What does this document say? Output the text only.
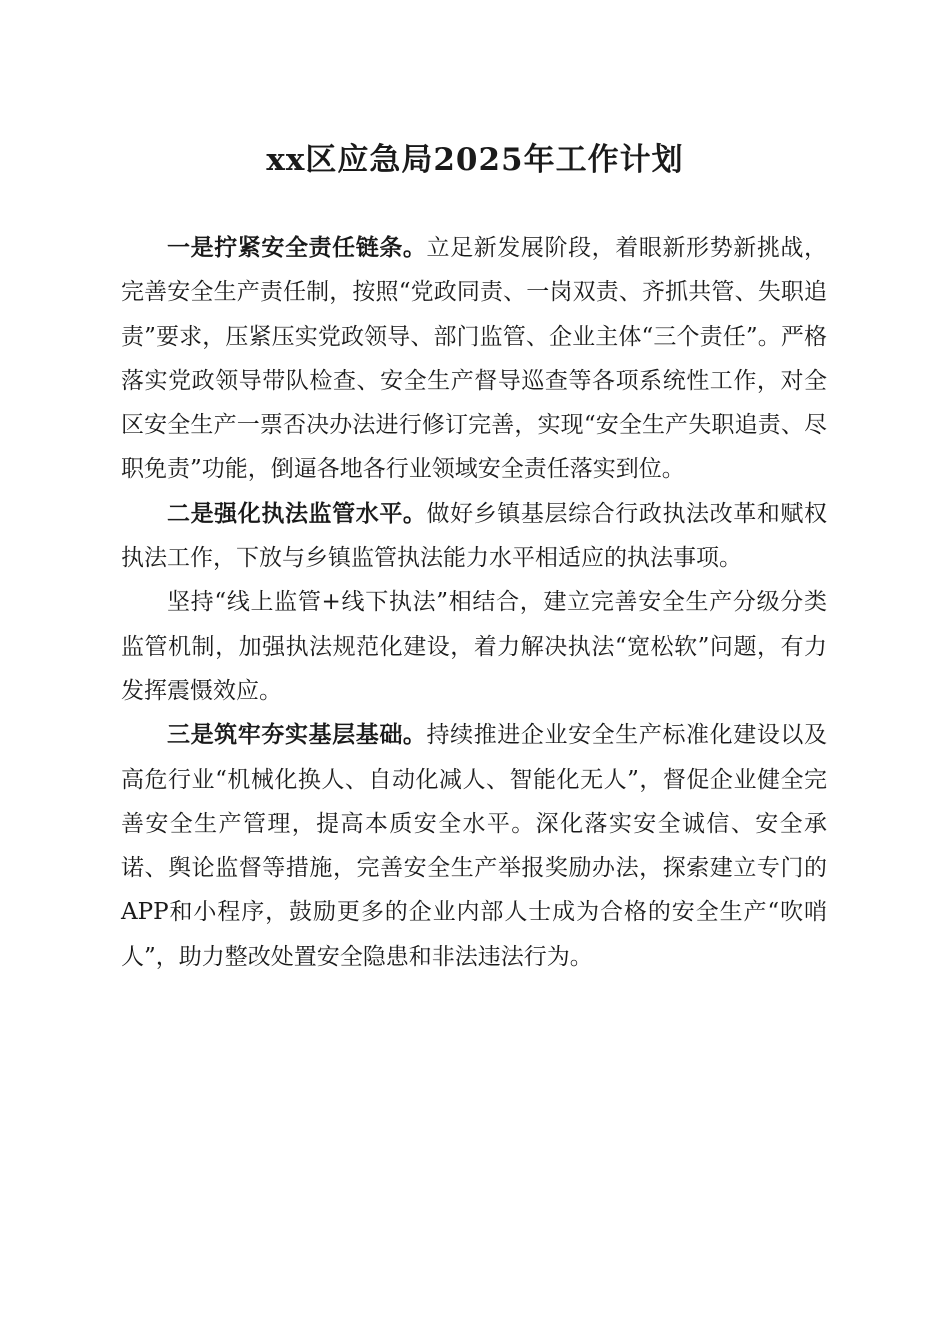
xx区应急局2025年工作计划

一是拧紧安全责任链条。立足新发展阶段，着眼新形势新挑战，完善安全生产责任制，按照“党政同责、一岗双责、齐抓共管、失职追责”要求，压紧压实党政领导、部门监管、企业主体“三个责任”。严格落实党政领导带队检查、安全生产督导巡查等各项系统性工作，对全区安全生产一票否决办法进行修订完善，实现“安全生产失职追责、尽职免责”功能，倒逼各地各行业领域安全责任落实到位。

二是强化执法监管水平。做好乡镇基层综合行政执法改革和赋权执法工作，下放与乡镇监管执法能力水平相适应的执法事项。

坚持“线上监管+线下执法”相结合，建立完善安全生产分级分类监管机制，加强执法规范化建设，着力解决执法“宽松软”问题，有力发挥震慑效应。

三是筑牢夯实基层基础。持续推进企业安全生产标准化建设以及高危行业“机械化换人、自动化减人、智能化无人”，督促企业健全完善安全生产管理，提高本质安全水平。深化落实安全诚信、安全承诺、舆论监督等措施，完善安全生产举报奖励办法，探索建立专门的APP和小程序，鼓励更多的企业内部人士成为合格的安全生产“吹哨人”，助力整改处置安全隐患和非法违法行为。
